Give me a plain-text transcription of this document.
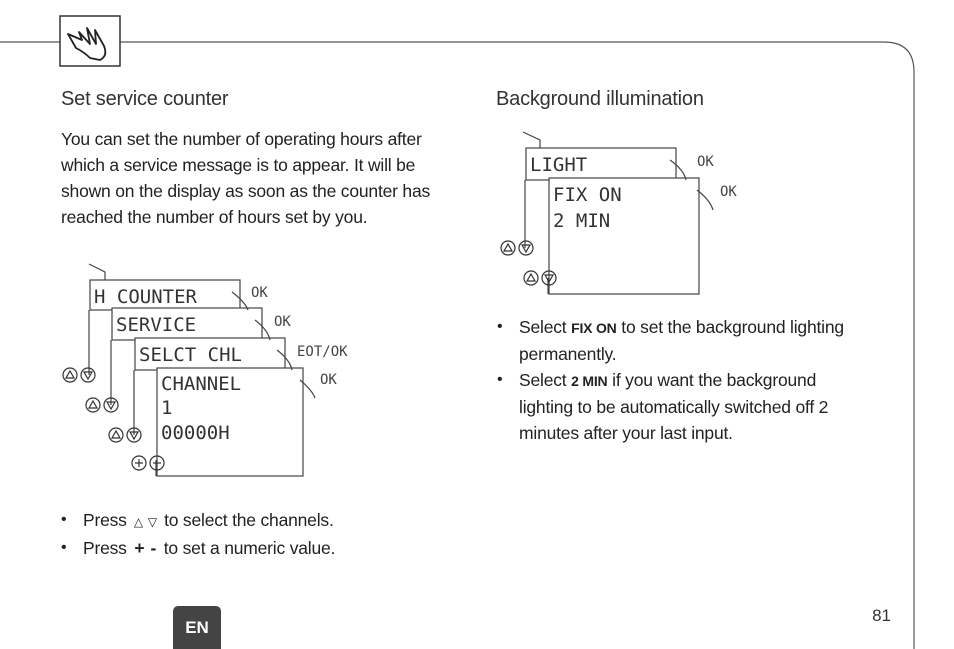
H COUNTER
SERVICE
SELCT CHL
CHANNEL
1
00000H
OK
OK
EOT/OK
OK
LIGHT
FIX ON
2 MIN
OK
OK
Set service counter
You can set the number of operating hours after
which a service message is to appear. It will be
shown on the display as soon as the counter has
reached the number of hours set by you.
• Press △ ▽ to select the channels.
• Press + - to set a numeric value.
Background illumination
• Select FIX ON to set the background lighting
permanently.
• Select 2 MIN if you want the background
lighting to be automatically switched off 2
minutes after your last input.
EN
81
